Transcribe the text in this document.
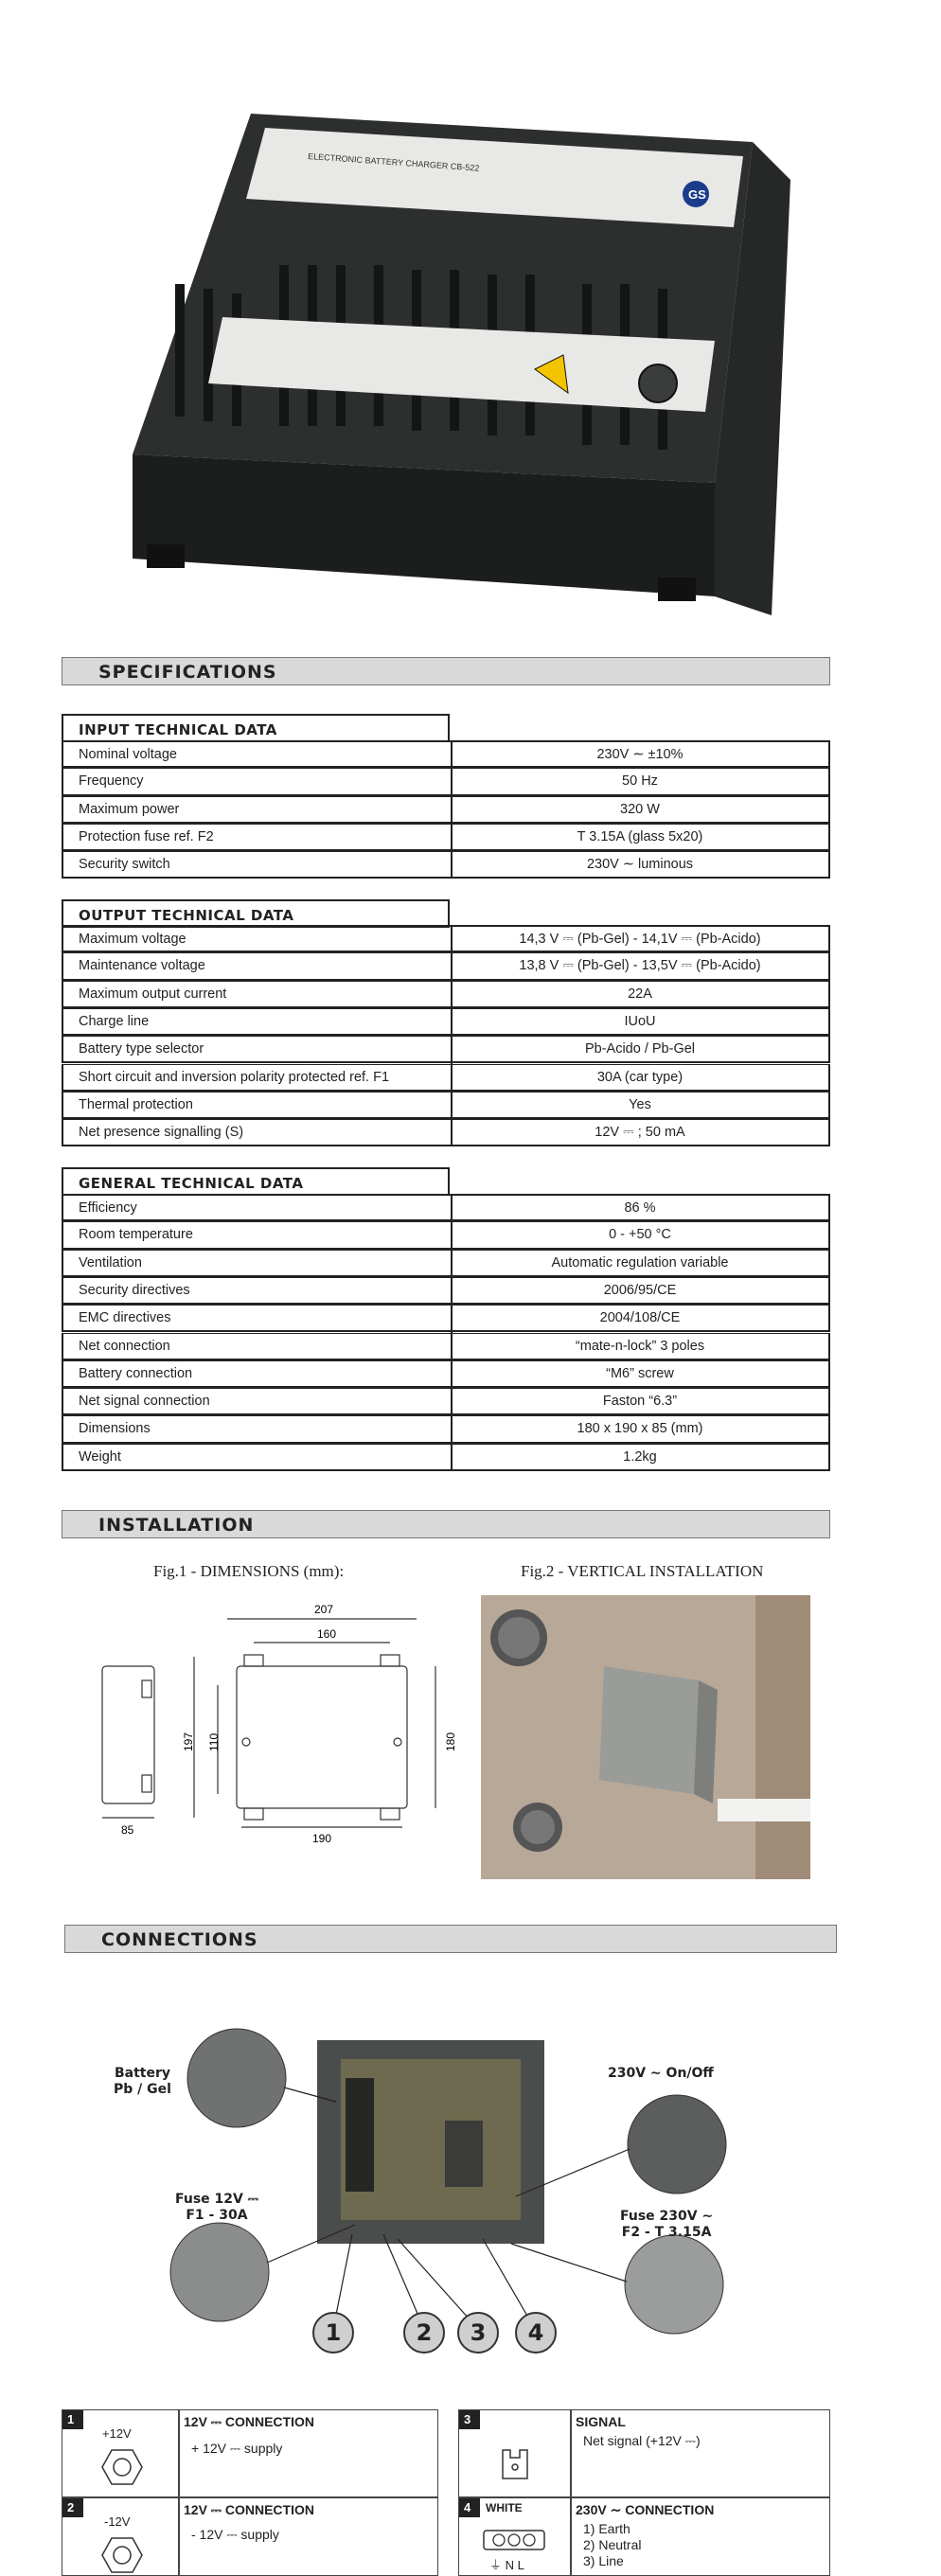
ELECTRONIC BATTERY CHARGER CB-522
GS
SPECIFICATIONS
INPUT TECHNICAL DATA
Nominal voltage	230V ∼ ±10%
Frequency	50 Hz
Maximum power	320 W
Protection fuse ref. F2	T 3.15A (glass 5x20)
Security switch	230V ∼ luminous
OUTPUT TECHNICAL DATA
Maximum voltage	14,3 V ⎓ (Pb-Gel) - 14,1V ⎓ (Pb-Acido)
Maintenance voltage	13,8 V ⎓ (Pb-Gel) - 13,5V ⎓ (Pb-Acido)
Maximum output current	22A
Charge line	IUoU
Battery type selector	Pb-Acido / Pb-Gel
Short circuit and inversion polarity protected ref. F1	30A (car type)
Thermal protection	Yes
Net presence signalling (S)	12V ⎓ ; 50 mA
GENERAL TECHNICAL DATA
Efficiency	86 %
Room temperature	0 - +50 °C
Ventilation	Automatic regulation variable
Security directives	2006/95/CE
EMC directives	2004/108/CE
Net connection	“mate-n-lock” 3 poles
Battery connection	“M6” screw
Net signal connection	Faston “6.3”
Dimensions	180 x 190 x 85 (mm)
Weight	1.2kg
INSTALLATION
Fig.1 - DIMENSIONS (mm):	Fig.2 - VERTICAL INSTALLATION
207
160
197 110	180
190
85
CONNECTIONS
Battery
Pb / Gel
230V ∼ On/Off
Fuse 12V ⎓
F1 - 30A	Fuse 230V ∼
F2 - T 3.15A
1	2	3	4
1
+12V
12V ⎓ CONNECTION
+ 12V ⎓ supply
3	SIGNAL
Net signal (+12V ⎓)
2
-12V
12V ⎓ CONNECTION
- 12V ⎓ supply
4	WHITE
⏚ N L
230V ∼ CONNECTION
1) Earth
2) Neutral
3) Line
